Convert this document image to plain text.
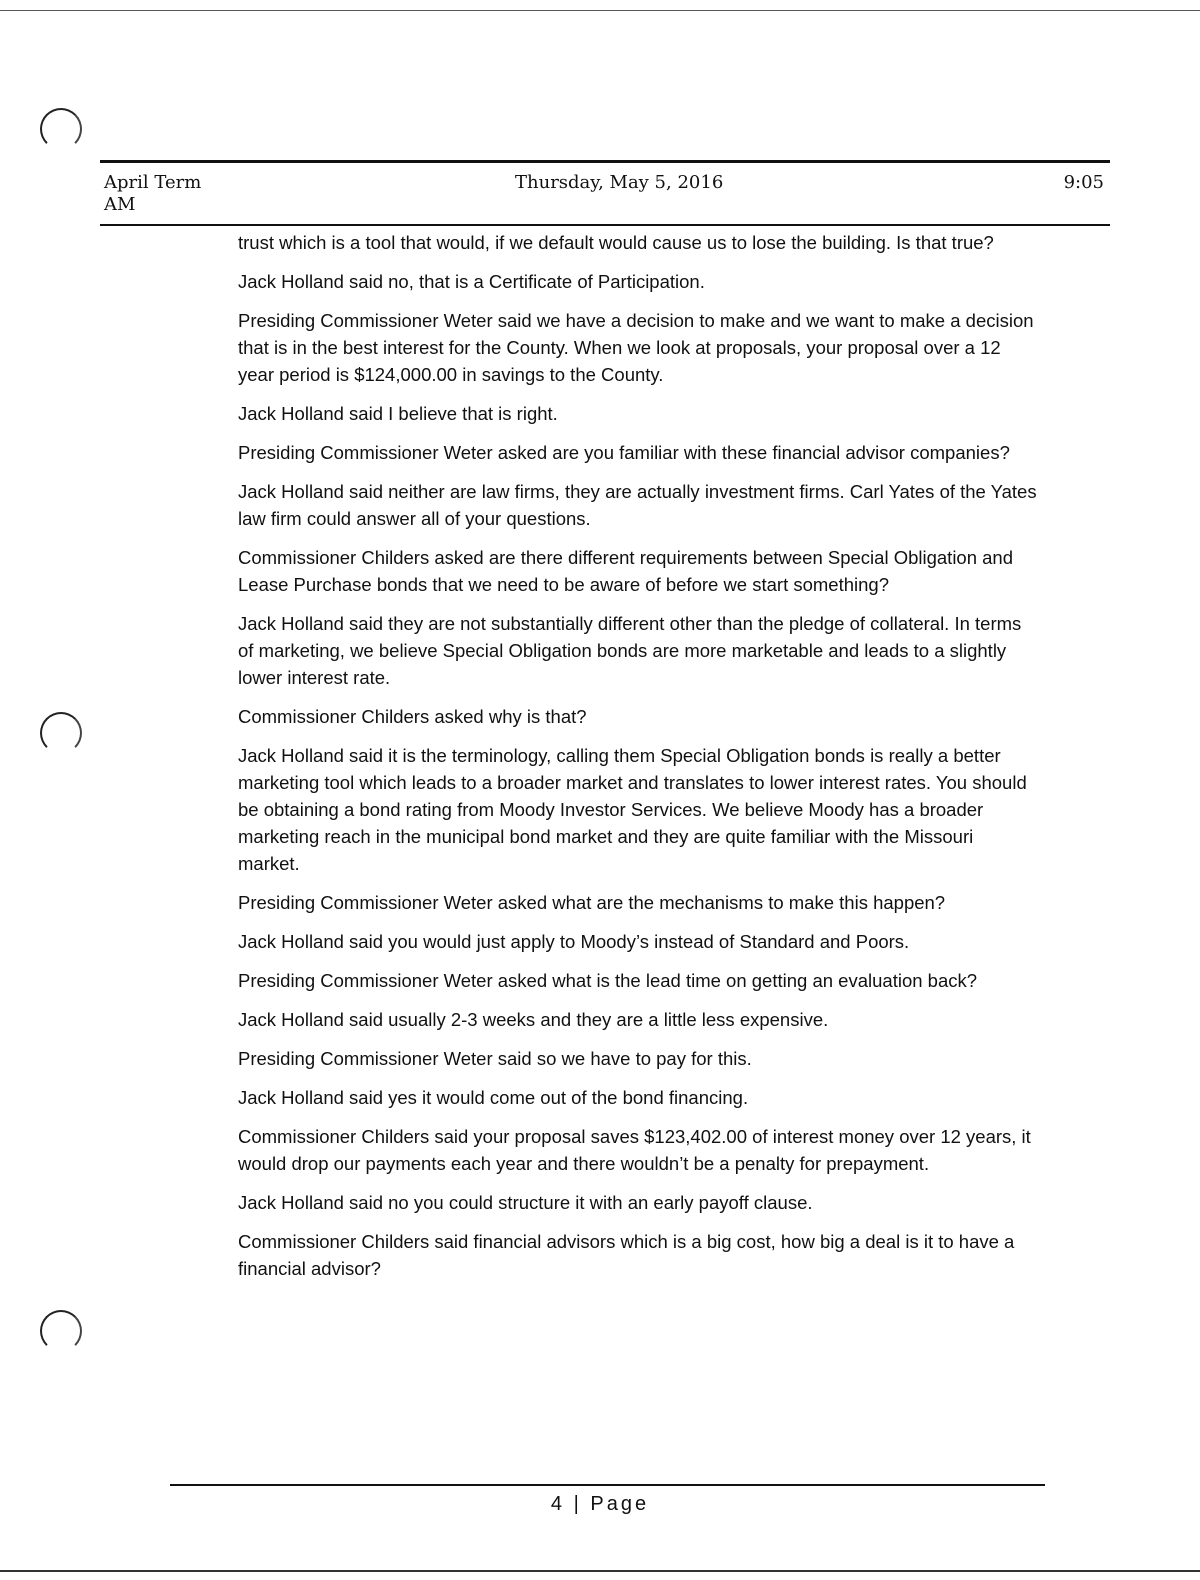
April Term
AM
Thursday, May 5, 2016	9:05

trust which is a tool that would, if we default would cause us to lose the building. Is that true?

Jack Holland said no, that is a Certificate of Participation.

Presiding Commissioner Weter said we have a decision to make and we want to make a decision that is in the best interest for the County. When we look at proposals, your proposal over a 12 year period is $124,000.00 in savings to the County.

Jack Holland said I believe that is right.

Presiding Commissioner Weter asked are you familiar with these financial advisor companies?

Jack Holland said neither are law firms, they are actually investment firms. Carl Yates of the Yates law firm could answer all of your questions.

Commissioner Childers asked are there different requirements between Special Obligation and Lease Purchase bonds that we need to be aware of before we start something?

Jack Holland said they are not substantially different other than the pledge of collateral. In terms of marketing, we believe Special Obligation bonds are more marketable and leads to a slightly lower interest rate.

Commissioner Childers asked why is that?

Jack Holland said it is the terminology, calling them Special Obligation bonds is really a better marketing tool which leads to a broader market and translates to lower interest rates. You should be obtaining a bond rating from Moody Investor Services. We believe Moody has a broader marketing reach in the municipal bond market and they are quite familiar with the Missouri market.

Presiding Commissioner Weter asked what are the mechanisms to make this happen?

Jack Holland said you would just apply to Moody’s instead of Standard and Poors.

Presiding Commissioner Weter asked what is the lead time on getting an evaluation back?

Jack Holland said usually 2-3 weeks and they are a little less expensive.

Presiding Commissioner Weter said so we have to pay for this.

Jack Holland said yes it would come out of the bond financing.

Commissioner Childers said your proposal saves $123,402.00 of interest money over 12 years, it would drop our payments each year and there wouldn’t be a penalty for prepayment.

Jack Holland said no you could structure it with an early payoff clause.

Commissioner Childers said financial advisors which is a big cost, how big a deal is it to have a financial advisor?

4 | Page
